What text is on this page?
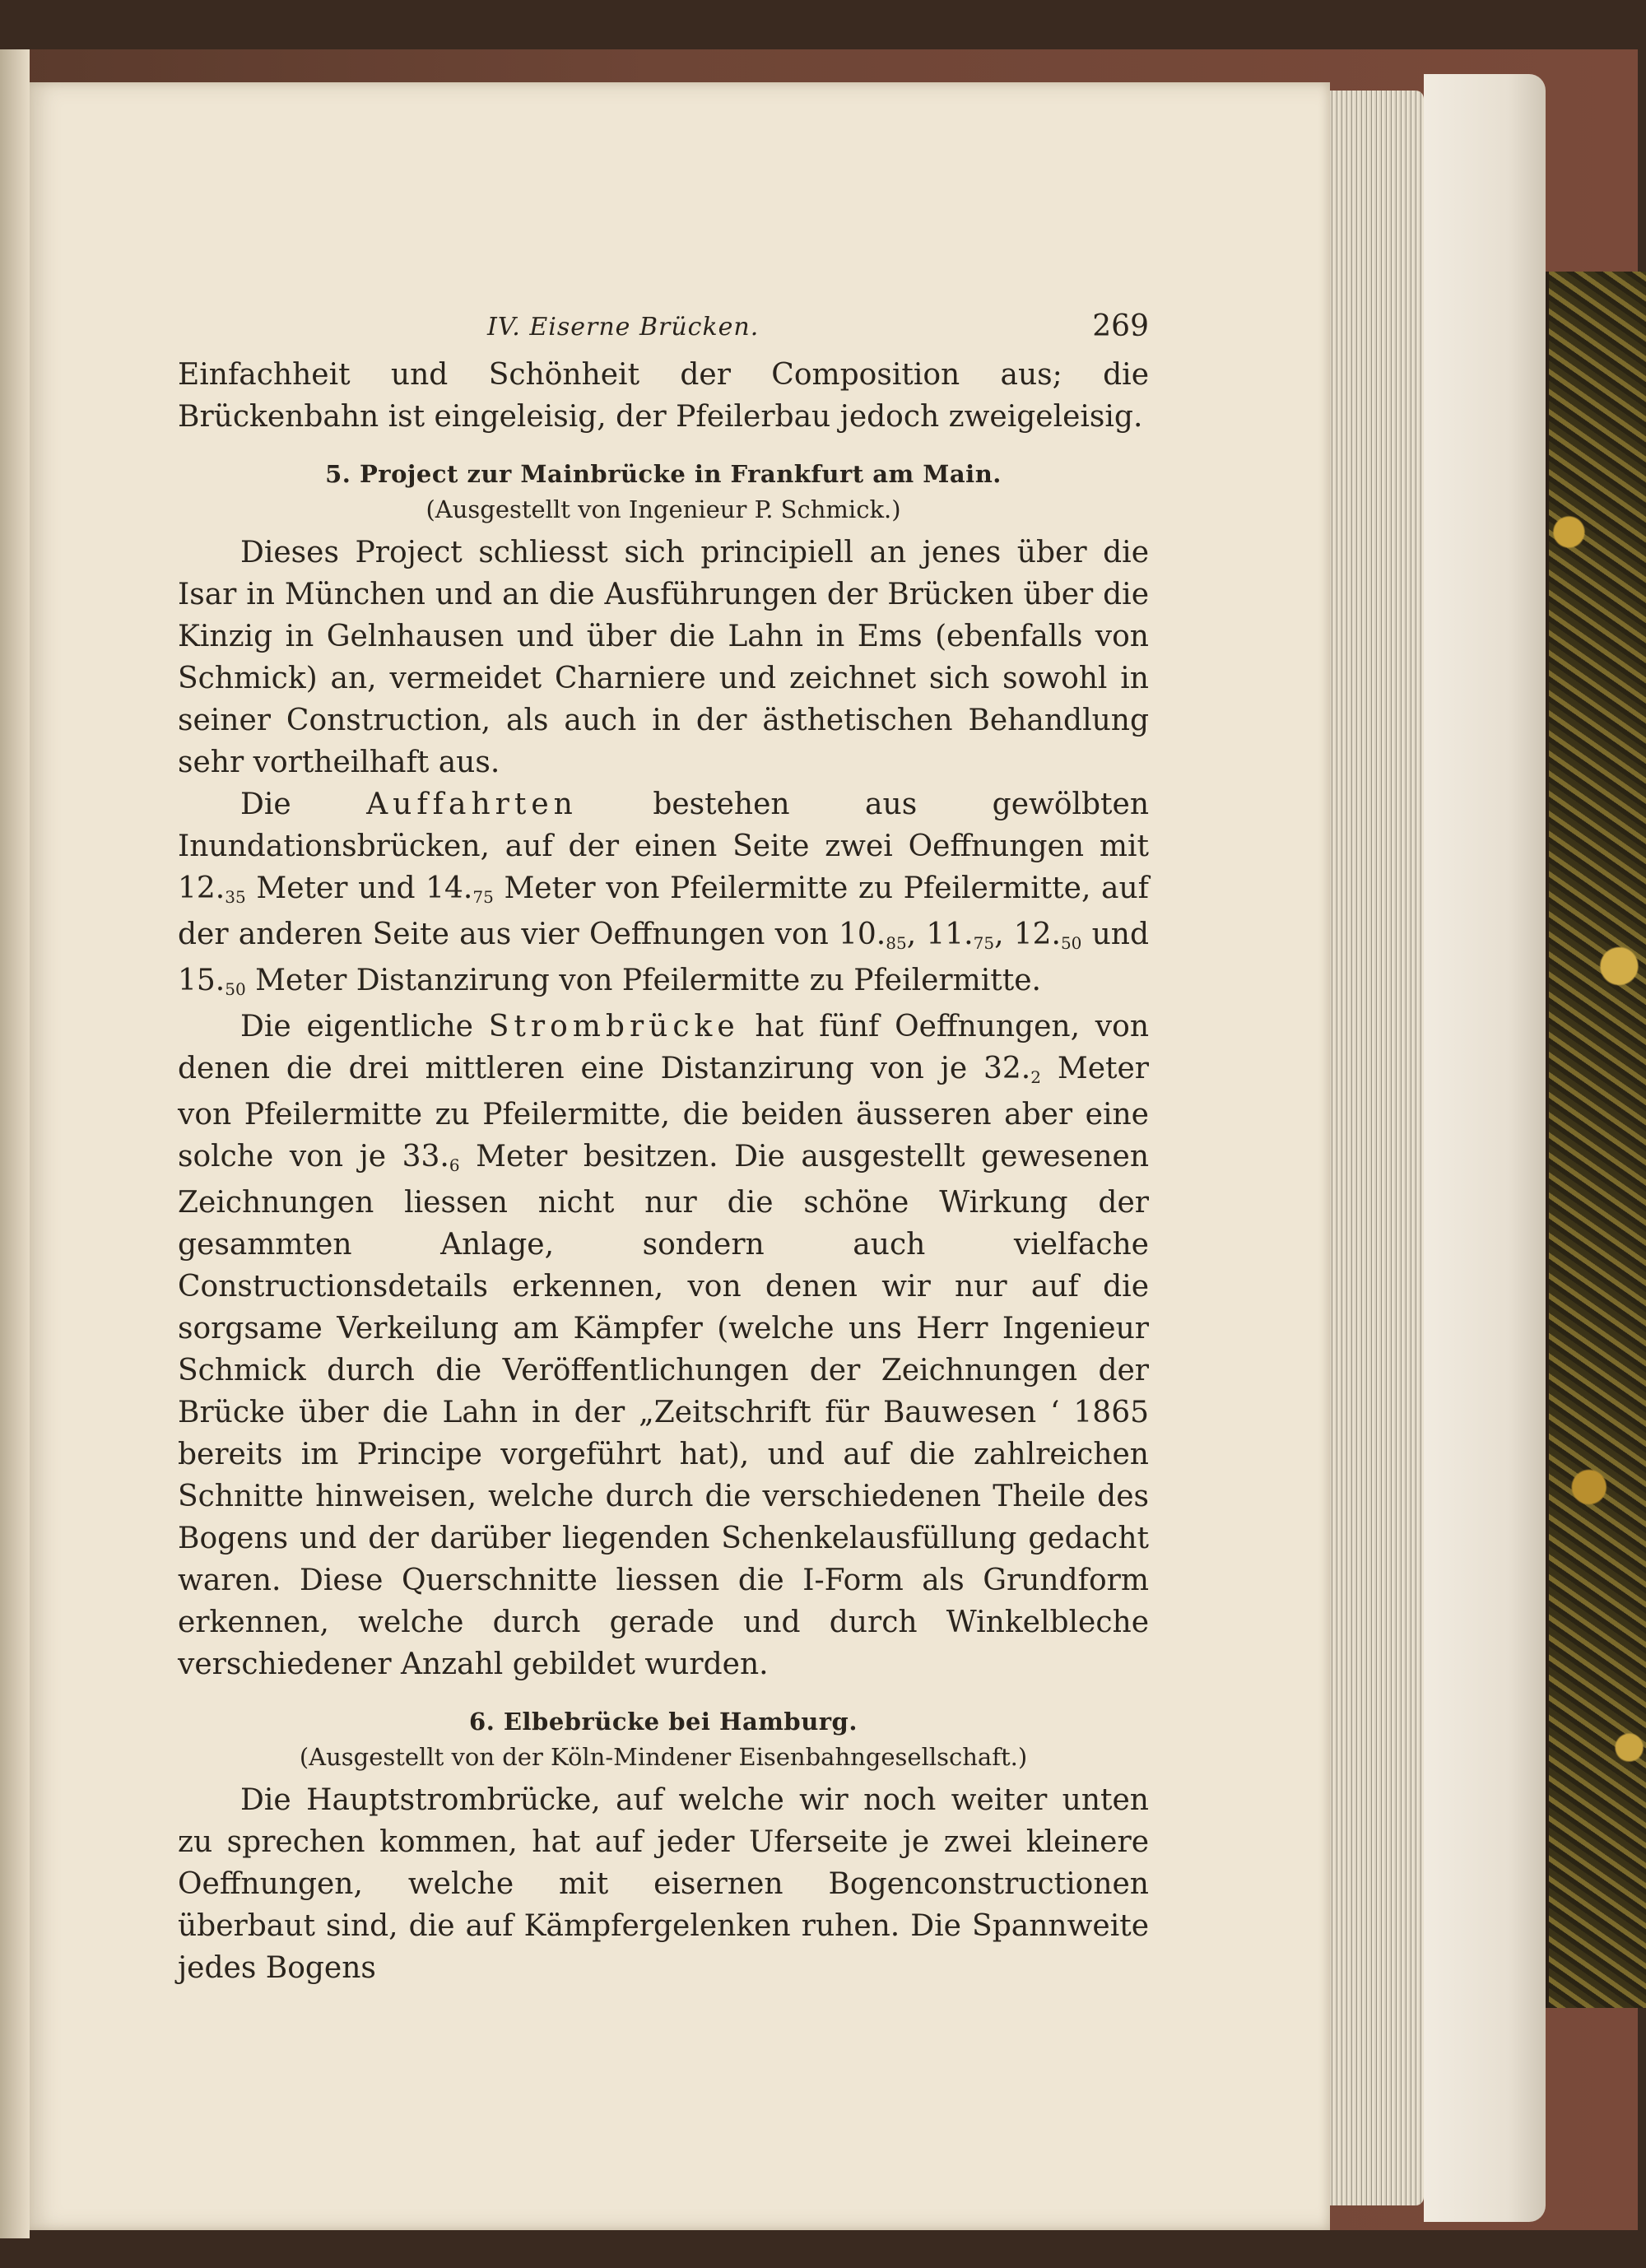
IV. Eiserne Brücken.	269

Einfachheit und Schönheit der Composition aus; die Brückenbahn ist eingeleisig, der Pfeilerbau jedoch zweigeleisig.

5. Project zur Mainbrücke in Frankfurt am Main.
(Ausgestellt von Ingenieur P. Schmick.)

Dieses Project schliesst sich principiell an jenes über die Isar in München und an die Ausführungen der Brücken über die Kinzig in Gelnhausen und über die Lahn in Ems (ebenfalls von Schmick) an, vermeidet Charniere und zeichnet sich sowohl in seiner Construction, als auch in der ästhetischen Behandlung sehr vortheilhaft aus.

Die	Auffahrten	bestehen aus gewölbten Inundationsbrücken, auf der einen Seite zwei Oeffnungen mit $12._{35}$ Meter und $14._{75}$ Meter von Pfeilermitte zu Pfeilermitte, auf der anderen Seite aus vier Oeffnungen von $10._{85}$, $11._{75}$, $12._{50}$ und $15._{50}$ Meter Distanzirung von Pfeilermitte zu Pfeilermitte.

Die eigentliche Strombrücke hat fünf Oeffnungen, von denen die drei mittleren eine Distanzirung von je $32._2$ Meter von Pfeilermitte zu Pfeilermitte, die beiden äusseren aber eine solche von je $33._6$ Meter besitzen. Die ausgestellt gewesenen Zeichnungen liessen nicht nur die schöne Wirkung der gesammten Anlage, sondern auch vielfache Constructionsdetails erkennen, von denen wir nur auf die sorgsame Verkeilung am Kämpfer (welche uns Herr Ingenieur Schmick durch die Veröffentlichungen der Zeichnungen der Brücke über die Lahn in der „Zeitschrift für Bauwesen ‘ 1865 bereits im Principe vorgeführt hat), und auf die zahlreichen Schnitte hinweisen, welche durch die verschiedenen Theile des Bogens und der darüber liegenden Schenkelausfüllung gedacht waren. Diese Querschnitte liessen die I-Form als Grundform erkennen, welche durch gerade und durch Winkelbleche verschiedener Anzahl gebildet wurden.

6. Elbebrücke bei Hamburg.
(Ausgestellt von der Köln-Mindener Eisenbahngesellschaft.)

Die Hauptstrombrücke, auf welche wir noch weiter unten zu sprechen kommen, hat auf jeder Uferseite je zwei kleinere Oeffnungen, welche mit eisernen Bogenconstructionen überbaut sind, die auf Kämpfergelenken ruhen. Die Spannweite jedes Bogens
